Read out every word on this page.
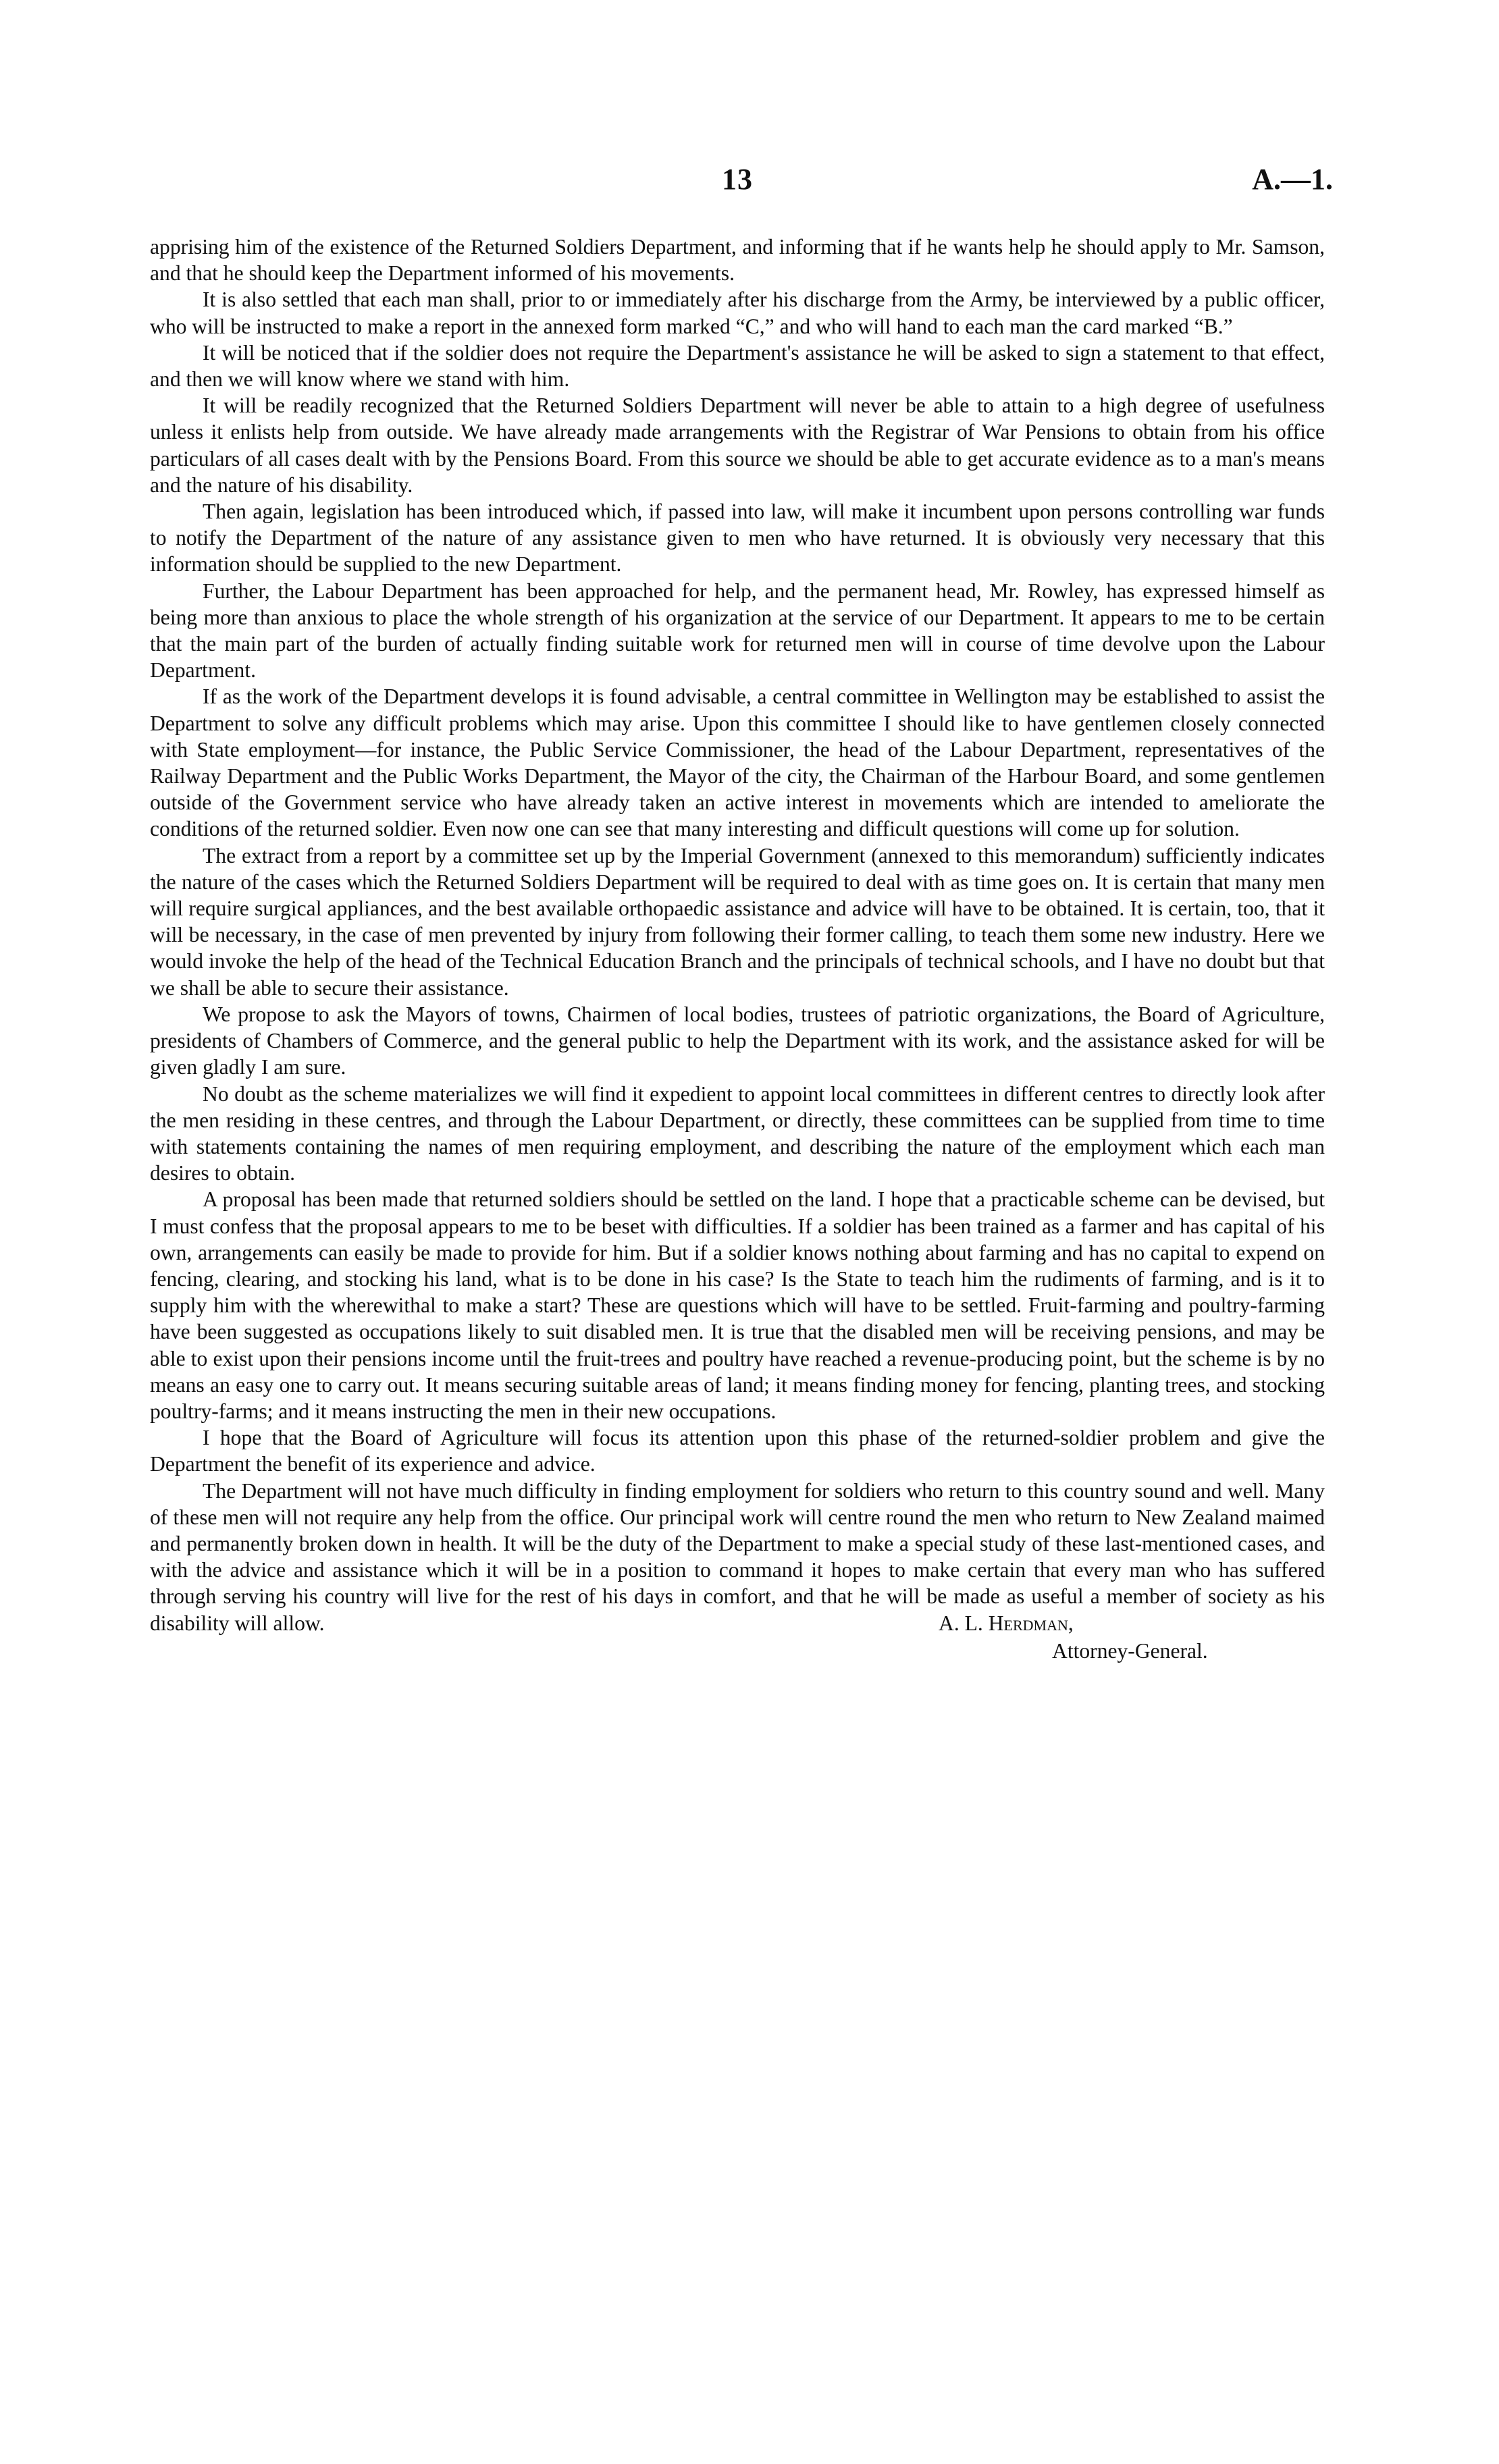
13	A.—1.

apprising him of the existence of the Returned Soldiers Department, and informing that if he wants help he should apply to Mr. Samson, and that he should keep the Department informed of his movements.

It is also settled that each man shall, prior to or immediately after his discharge from the Army, be interviewed by a public officer, who will be instructed to make a report in the annexed form marked “C,” and who will hand to each man the card marked “B.”

It will be noticed that if the soldier does not require the Department's assistance he will be asked to sign a statement to that effect, and then we will know where we stand with him.

It will be readily recognized that the Returned Soldiers Department will never be able to attain to a high degree of usefulness unless it enlists help from outside. We have already made arrangements with the Registrar of War Pensions to obtain from his office particulars of all cases dealt with by the Pensions Board. From this source we should be able to get accurate evidence as to a man's means and the nature of his disability.

Then again, legislation has been introduced which, if passed into law, will make it incumbent upon persons controlling war funds to notify the Department of the nature of any assistance given to men who have returned. It is obviously very necessary that this information should be supplied to the new Department.

Further, the Labour Department has been approached for help, and the permanent head, Mr. Rowley, has expressed himself as being more than anxious to place the whole strength of his organization at the service of our Department. It appears to me to be certain that the main part of the burden of actually finding suitable work for returned men will in course of time devolve upon the Labour Department.

If as the work of the Department develops it is found advisable, a central committee in Wellington may be established to assist the Department to solve any difficult problems which may arise. Upon this committee I should like to have gentlemen closely connected with State employment—for instance, the Public Service Commissioner, the head of the Labour Department, representatives of the Railway Department and the Public Works Department, the Mayor of the city, the Chairman of the Harbour Board, and some gentlemen outside of the Government service who have already taken an active interest in movements which are intended to ameliorate the conditions of the returned soldier. Even now one can see that many interesting and difficult questions will come up for solution.

The extract from a report by a committee set up by the Imperial Government (annexed to this memorandum) sufficiently indicates the nature of the cases which the Returned Soldiers Department will be required to deal with as time goes on. It is certain that many men will require surgical appliances, and the best available orthopaedic assistance and advice will have to be obtained. It is certain, too, that it will be necessary, in the case of men prevented by injury from following their former calling, to teach them some new industry. Here we would invoke the help of the head of the Technical Education Branch and the principals of technical schools, and I have no doubt but that we shall be able to secure their assistance.

We propose to ask the Mayors of towns, Chairmen of local bodies, trustees of patriotic organizations, the Board of Agriculture, presidents of Chambers of Commerce, and the general public to help the Department with its work, and the assistance asked for will be given gladly I am sure.

No doubt as the scheme materializes we will find it expedient to appoint local committees in different centres to directly look after the men residing in these centres, and through the Labour Department, or directly, these committees can be supplied from time to time with statements containing the names of men requiring employment, and describing the nature of the employment which each man desires to obtain.

A proposal has been made that returned soldiers should be settled on the land. I hope that a practicable scheme can be devised, but I must confess that the proposal appears to me to be beset with difficulties. If a soldier has been trained as a farmer and has capital of his own, arrangements can easily be made to provide for him. But if a soldier knows nothing about farming and has no capital to expend on fencing, clearing, and stocking his land, what is to be done in his case? Is the State to teach him the rudiments of farming, and is it to supply him with the wherewithal to make a start? These are questions which will have to be settled. Fruit-farming and poultry-farming have been suggested as occupations likely to suit disabled men. It is true that the disabled men will be receiving pensions, and may be able to exist upon their pensions income until the fruit-trees and poultry have reached a revenue-producing point, but the scheme is by no means an easy one to carry out. It means securing suitable areas of land; it means finding money for fencing, planting trees, and stocking poultry-farms; and it means instructing the men in their new occupations.

I hope that the Board of Agriculture will focus its attention upon this phase of the returned-soldier problem and give the Department the benefit of its experience and advice.

The Department will not have much difficulty in finding employment for soldiers who return to this country sound and well. Many of these men will not require any help from the office. Our principal work will centre round the men who return to New Zealand maimed and permanently broken down in health. It will be the duty of the Department to make a special study of these last-mentioned cases, and with the advice and assistance which it will be in a position to command it hopes to make certain that every man who has suffered through serving his country will live for the rest of his days in comfort, and that he will be made as useful a member of society as his disability will allow.	A. L. Herdman,
Attorney-General.
